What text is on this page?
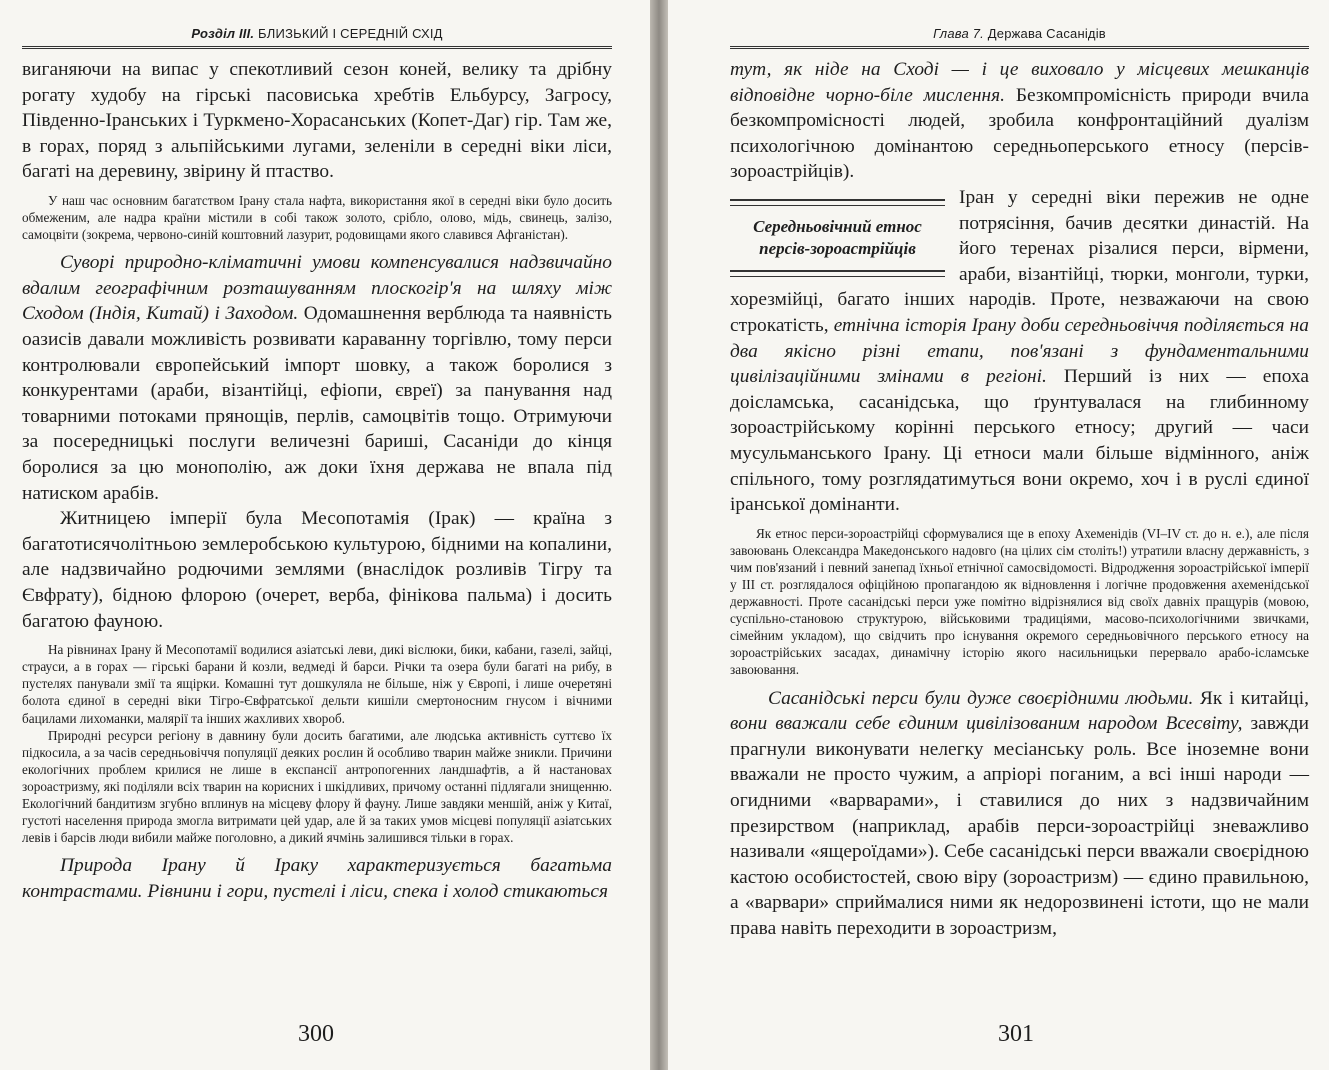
Розділ ІІІ. БЛИЗЬКИЙ І СЕРЕДНІЙ СХІД

виганяючи на випас у спекотливий сезон коней, велику та дрібну рогату худобу на гірські пасовиська хребтів Ельбурсу, Загросу, Південно-Іранських і Туркмено-Хорасанських (Копет-Даг) гір. Там же, в горах, поряд з альпійськими лугами, зеленіли в середні віки ліси, багаті на деревину, звірину й птаство.

У наш час основним багатством Ірану стала нафта, використання якої в середні віки було досить обмеженим, але надра країни містили в собі також золото, срібло, олово, мідь, свинець, залізо, самоцвіти (зокрема, червоно-синій коштовний лазурит, родовищами якого славився Афганістан).

Суворі природно-кліматичні умови компенсувалися надзвичайно вдалим географічним розташуванням плоскогір'я на шляху між Сходом (Індія, Китай) і Заходом. Одомашнення верблюда та наявність оазисів давали можливість розвивати караванну торгівлю, тому перси контролювали європейський імпорт шовку, а також боролися з конкурентами (араби, візантійці, ефіопи, євреї) за панування над товарними потоками прянощів, перлів, самоцвітів тощо. Отримуючи за посередницькі послуги величезні бариші, Сасаніди до кінця боролися за цю монополію, аж доки їхня держава не впала під натиском арабів.

Житницею імперії була Месопотамія (Ірак) — країна з багатотисячолітньою землеробською культурою, бідними на копалини, але надзвичайно родючими землями (внаслідок розливів Тігру та Євфрату), бідною флорою (очерет, верба, фінікова пальма) і досить багатою фауною.

На рівнинах Ірану й Месопотамії водилися азіатські леви, дикі віслюки, бики, кабани, газелі, зайці, страуси, а в горах — гірські барани й козли, ведмеді й барси. Річки та озера були багаті на рибу, в пустелях панували змії та ящірки. Комашні тут дошкуляла не більше, ніж у Європі, і лише очеретяні болота єдиної в середні віки Тігро-Євфратської дельти кишіли смертоносним гнусом і вічними бацилами лихоманки, малярії та інших жахливих хвороб.

Природні ресурси регіону в давнину були досить багатими, але людська активність суттєво їх підкосила, а за часів середньовіччя популяції деяких рослин й особливо тварин майже зникли. Причини екологічних проблем крилися не лише в експансії антропогенних ландшафтів, а й настановах зороастризму, які поділяли всіх тварин на корисних і шкідливих, причому останні підлягали знищенню. Екологічний бандитизм згубно вплинув на місцеву флору й фауну. Лише завдяки меншій, аніж у Китаї, густоті населення природа змогла витримати цей удар, але й за таких умов місцеві популяції азіатських левів і барсів люди вибили майже поголовно, а дикий ячмінь залишився тільки в горах.

Природа Ірану й Іраку характеризується багатьма контрастами. Рівнини і гори, пустелі і ліси, спека і холод стикаються

300
Глава 7. Держава Сасанідів

тут, як ніде на Сході — і це виховало у місцевих мешканців відповідне чорно-біле мислення. Безкомпромісність природи вчила безкомпромісності людей, зробила конфронтаційний дуалізм психологічною домінантою середньоперського етносу (персів-зороастрійців).

Середньовічний етнос персів-зороастрійців

Іран у середні віки пережив не одне потрясіння, бачив десятки династій. На його теренах різалися перси, вірмени, араби, візантійці, тюрки, монголи, турки, хорезмійці, багато інших народів. Проте, незважаючи на свою строкатість, етнічна історія Ірану доби середньовіччя поділяється на два якісно різні етапи, пов'язані з фундаментальними цивілізаційними змінами в регіоні. Перший із них — епоха доісламська, сасанідська, що ґрунтувалася на глибинному зороастрійському корінні перського етносу; другий — часи мусульманського Ірану. Ці етноси мали більше відмінного, аніж спільного, тому розглядатимуться вони окремо, хоч і в руслі єдиної іранської домінанти.

Як етнос перси-зороастрійці сформувалися ще в епоху Ахеменідів (VI–IV ст. до н. е.), але після завоювань Олександра Македонського надовго (на цілих сім століть!) утратили власну державність, з чим пов'язаний і певний занепад їхньої етнічної самосвідомості. Відродження зороастрійської імперії у III ст. розглядалося офіційною пропагандою як відновлення і логічне продовження ахеменідської державності. Проте сасанідські перси уже помітно відрізнялися від своїх давніх пращурів (мовою, суспільно-становою структурою, військовими традиціями, масово-психологічними звичками, сімейним укладом), що свідчить про існування окремого середньовічного перського етносу на зороастрійських засадах, динамічну історію якого насильницьки перервало арабо-ісламське завоювання.

Сасанідські перси були дуже своєрідними людьми. Як і китайці, вони вважали себе єдиним цивілізованим народом Всесвіту, завжди прагнули виконувати нелегку месіанську роль. Все іноземне вони вважали не просто чужим, а апріорі поганим, а всі інші народи — огидними «варварами», і ставилися до них з надзвичайним презирством (наприклад, арабів перси-зороастрійці зневажливо називали «ящероїдами»). Себе сасанідські перси вважали своєрідною кастою особистостей, свою віру (зороастризм) — єдино правильною, а «варвари» сприймалися ними як недорозвинені істоти, що не мали права навіть переходити в зороастризм,

301
